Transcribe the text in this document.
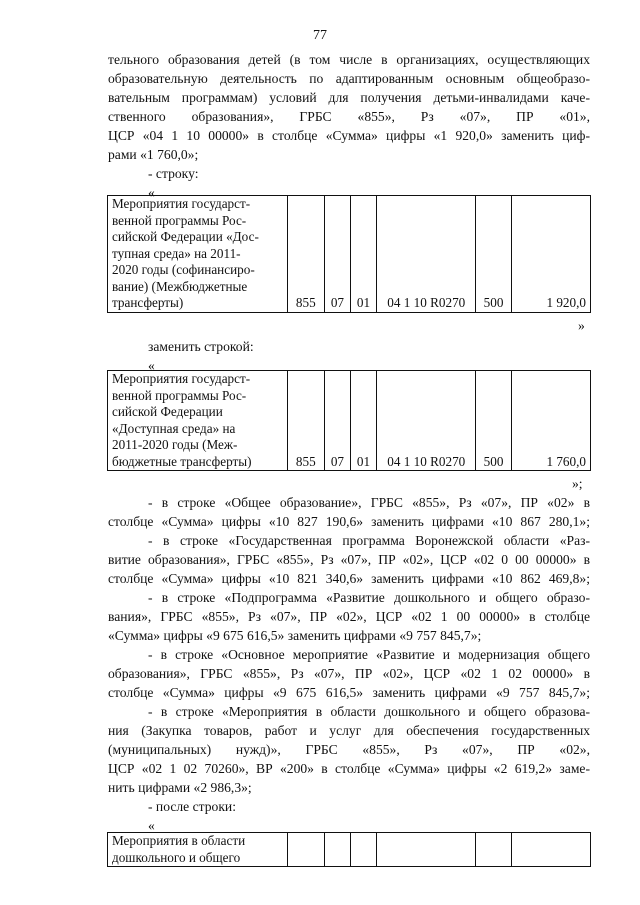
77
тельного образования детей (в том числе в организациях, осуществляющих
образовательную деятельность по адаптированным основным общеобразо-
вательным программам) условий для получения детьми-инвалидами каче-
ственного образования», ГРБС «855», Рз «07», ПР «01»,
ЦСР «04 1 10 00000» в столбце «Сумма» цифры «1 920,0» заменить циф-
рами «1 760,0»;
- строку:
«
Мероприятия государст-
венной программы Рос-
сийской Федерации «Дос-
тупная среда» на 2011-
2020 годы (софинансиро-
вание) (Межбюджетные
трансферты)	855	07	01	04 1 10 R0270	500	1 920,0
»
заменить строкой:
«
Мероприятия государст-
венной программы Рос-
сийской Федерации
«Доступная среда» на
2011-2020 годы (Меж-
бюджетные трансферты)	855	07	01	04 1 10 R0270	500	1 760,0
»;
- в строке «Общее образование», ГРБС «855», Рз «07», ПР «02» в
столбце «Сумма» цифры «10 827 190,6» заменить цифрами «10 867 280,1»;
- в строке «Государственная программа Воронежской области «Раз-
витие образования», ГРБС «855», Рз «07», ПР «02», ЦСР «02 0 00 00000» в
столбце «Сумма» цифры «10 821 340,6» заменить цифрами «10 862 469,8»;
- в строке «Подпрограмма «Развитие дошкольного и общего образо-
вания», ГРБС «855», Рз «07», ПР «02», ЦСР «02 1 00 00000» в столбце
«Сумма» цифры «9 675 616,5» заменить цифрами «9 757 845,7»;
- в строке «Основное мероприятие «Развитие и модернизация общего
образования», ГРБС «855», Рз «07», ПР «02», ЦСР «02 1 02 00000» в
столбце «Сумма» цифры «9 675 616,5» заменить цифрами «9 757 845,7»;
- в строке «Мероприятия в области дошкольного и общего образова-
ния (Закупка товаров, работ и услуг для обеспечения государственных
(муниципальных) нужд)», ГРБС «855», Рз «07», ПР «02»,
ЦСР «02 1 02 70260», ВР «200» в столбце «Сумма» цифры «2 619,2» заме-
нить цифрами «2 986,3»;
- после строки:
«
Мероприятия в области
дошкольного и общего
